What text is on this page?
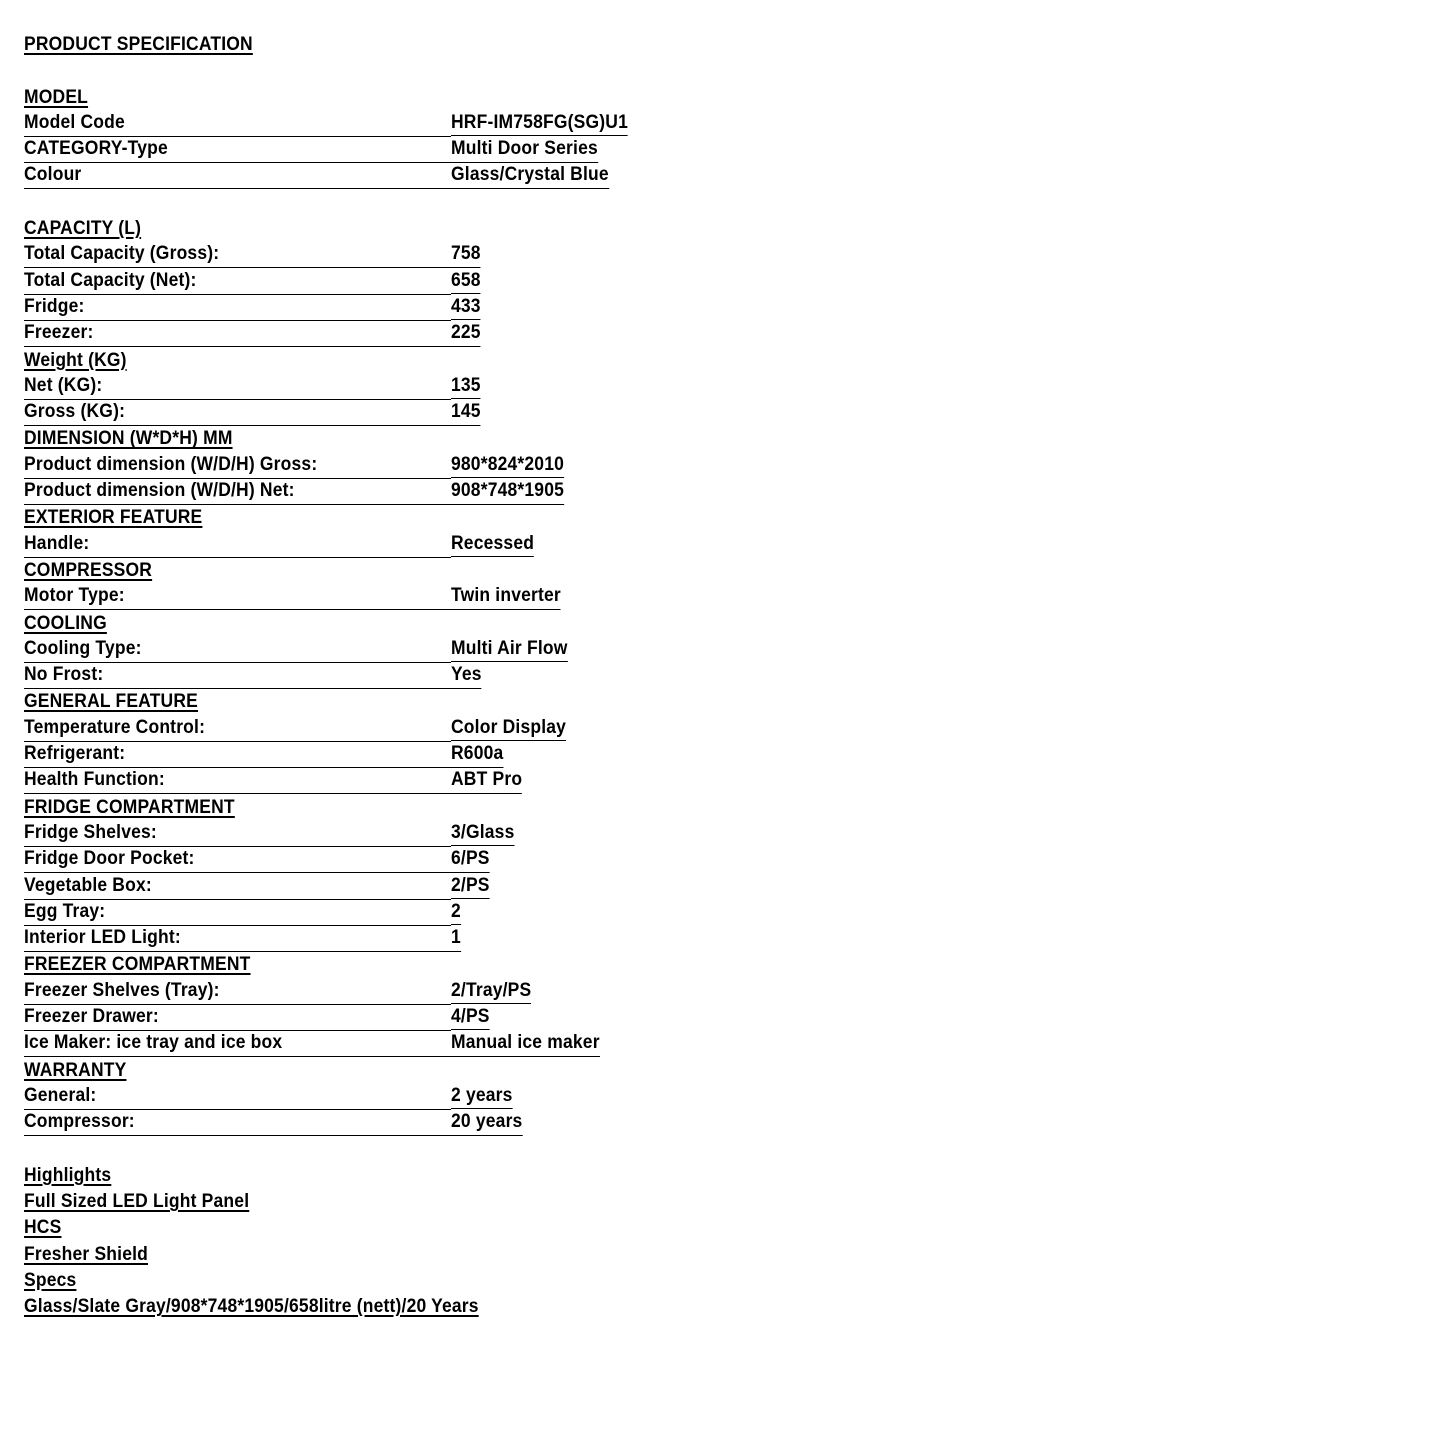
PRODUCT SPECIFICATION
MODEL
Model Code	HRF-IM758FG(SG)U1
CATEGORY-Type	Multi Door Series
Colour	Glass/Crystal Blue
CAPACITY (L)
Total Capacity (Gross):	758
Total Capacity (Net):	658
Fridge:	433
Freezer:	225
Weight (KG)
Net (KG):	135
Gross (KG):	145
DIMENSION (W*D*H) MM
Product dimension (W/D/H) Gross:	980*824*2010
Product dimension (W/D/H) Net:	908*748*1905
EXTERIOR FEATURE
Handle:	Recessed
COMPRESSOR
Motor Type:	Twin inverter
COOLING
Cooling Type:	Multi Air Flow
No Frost:	Yes
GENERAL FEATURE
Temperature Control:	Color Display
Refrigerant:	R600a
Health Function:	ABT Pro
FRIDGE COMPARTMENT
Fridge Shelves:	3/Glass
Fridge Door Pocket:	6/PS
Vegetable Box:	2/PS
Egg Tray:	2
Interior LED Light:	1
FREEZER COMPARTMENT
Freezer Shelves (Tray):	2/Tray/PS
Freezer Drawer:	4/PS
Ice Maker: ice tray and ice box	Manual ice maker
WARRANTY
General:	2 years
Compressor:	20 years
Highlights
Full Sized LED Light Panel
HCS
Fresher Shield
Specs
Glass/Slate Gray/908*748*1905/658litre (nett)/20 Years
